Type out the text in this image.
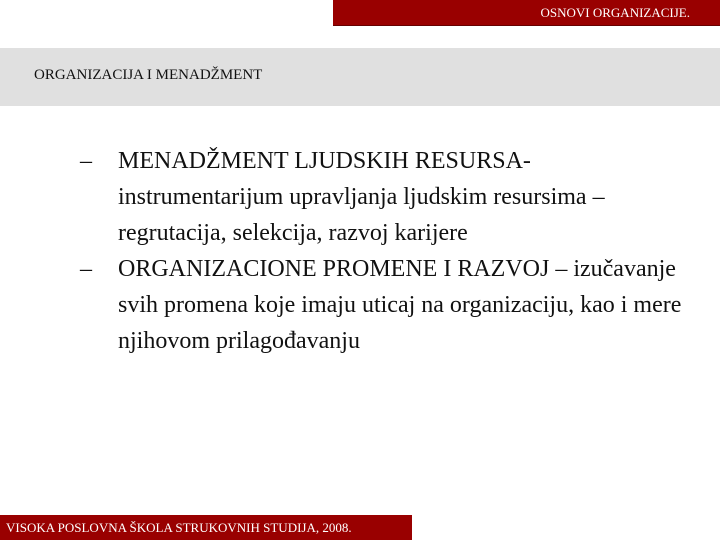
OSNOVI ORGANIZACIJE.
ORGANIZACIJA I MENADŽMENT
– MENADŽMENT LJUDSKIH RESURSA- instrumentarijum upravljanja ljudskim resursima –regrutacija, selekcija, razvoj karijere
– ORGANIZACIONE PROMENE I RAZVOJ – izučavanje svih promena koje imaju uticaj na organizaciju, kao i mere njihovom prilagođavanju
VISOKA POSLOVNA ŠKOLA STRUKOVNIH STUDIJA, 2008.
